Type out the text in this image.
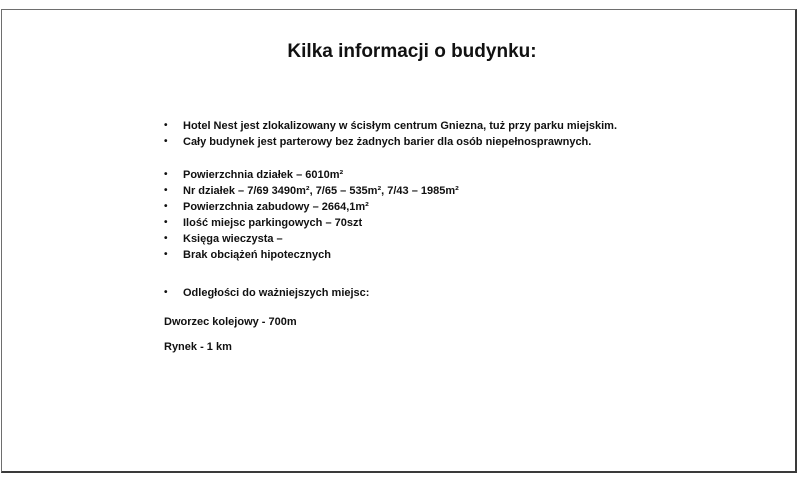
Kilka informacji o budynku:
• Hotel Nest jest zlokalizowany w ścisłym centrum Gniezna, tuż przy parku miejskim.
• Cały budynek jest parterowy bez żadnych barier dla osób niepełnosprawnych.
• Powierzchnia działek – 6010m²
• Nr działek – 7/69 3490m², 7/65 – 535m², 7/43 – 1985m²
• Powierzchnia zabudowy – 2664,1m²
• Ilość miejsc parkingowych – 70szt
• Księga wieczysta –
• Brak obciążeń hipotecznych
• Odległości do ważniejszych miejsc:
Dworzec kolejowy - 700m
Rynek - 1 km
